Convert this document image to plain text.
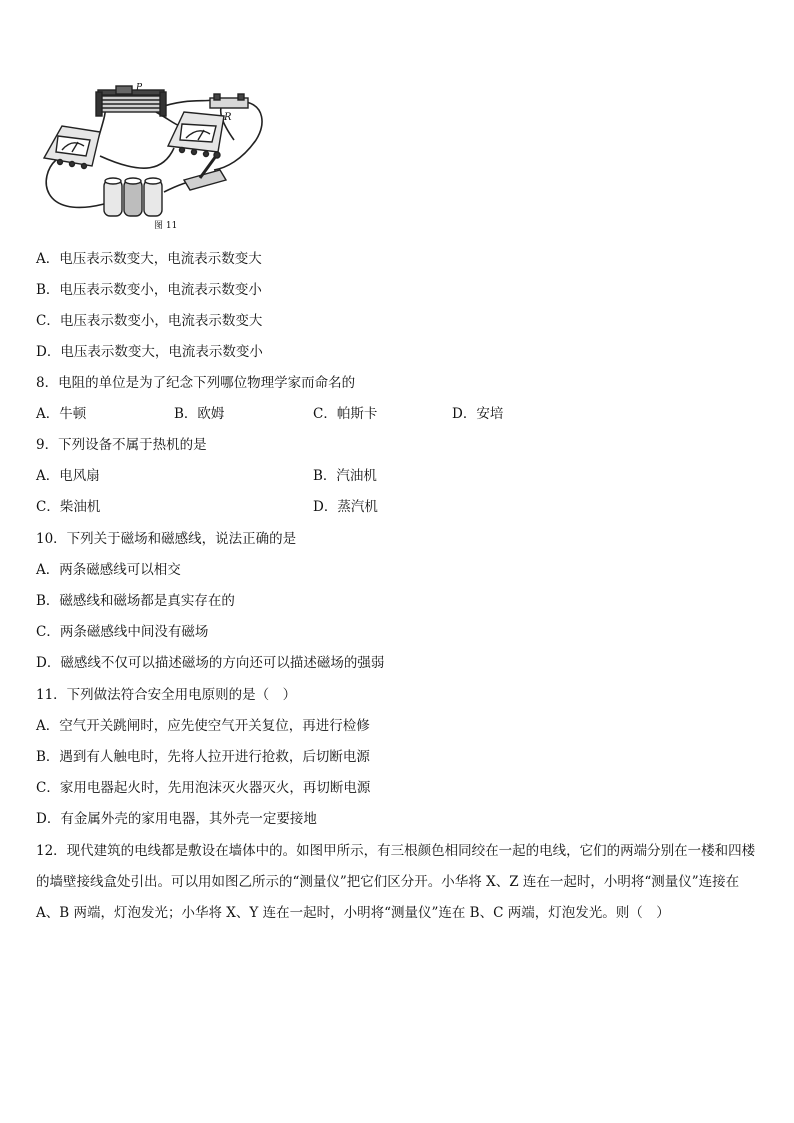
P
R
图 11
A．电压表示数变大，电流表示数变大
B．电压表示数变小，电流表示数变小
C．电压表示数变小，电流表示数变大
D．电压表示数变大，电流表示数变小
8．电阻的单位是为了纪念下列哪位物理学家而命名的
A．牛顿	B．欧姆	C．帕斯卡	D．安培
9．下列设备不属于热机的是
A．电风扇	B．汽油机
C．柴油机	D．蒸汽机
10．下列关于磁场和磁感线，说法正确的是
A．两条磁感线可以相交
B．磁感线和磁场都是真实存在的
C．两条磁感线中间没有磁场
D．磁感线不仅可以描述磁场的方向还可以描述磁场的强弱
11．下列做法符合安全用电原则的是（　）
A．空气开关跳闸时，应先使空气开关复位，再进行检修
B．遇到有人触电时，先将人拉开进行抢救，后切断电源
C．家用电器起火时，先用泡沫灭火器灭火，再切断电源
D．有金属外壳的家用电器，其外壳一定要接地
12．现代建筑的电线都是敷设在墙体中的。如图甲所示，有三根颜色相同绞在一起的电线，它们的两端分别在一楼和四楼的墙壁接线盒处引出。可以用如图乙所示的“测量仪”把它们区分开。小华将 X、Z 连在一起时，小明将“测量仪”连接在 A、B 两端，灯泡发光；小华将 X、Y 连在一起时，小明将“测量仪”连在 B、C 两端，灯泡发光。则（　）
